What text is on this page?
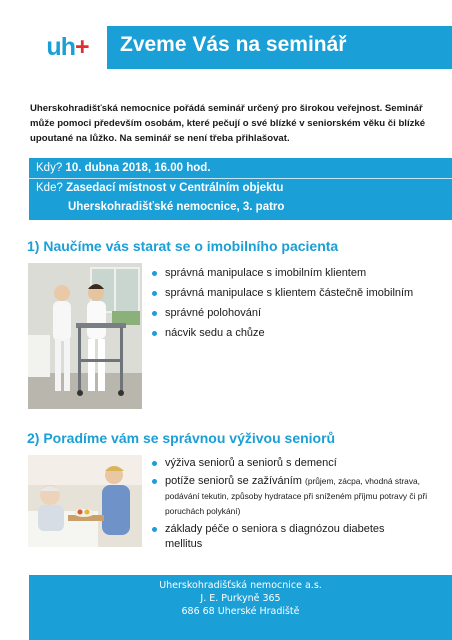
uh + Zveme Vás na seminář
Uherskohradišťská nemocnice pořádá seminář určený pro širokou veřejnost. Seminář může pomoci především osobám, které pečují o své blízké v seniorském věku či blízké upoutané na lůžko. Na seminář se není třeba přihlašovat.
Kdy? 10. dubna 2018, 16.00 hod.
Kde? Zasedací místnost v Centrálním objektu
Uherskohradišťské nemocnice, 3. patro
1) Naučíme vás starat se o imobilního pacienta
správná manipulace s imobilním klientem
správná manipulace s klientem částečně imobilním
správné polohování
nácvik sedu a chůze
2) Poradíme vám se správnou výživou seniorů
výživa seniorů a seniorů s demencí
potíže seniorů se zažíváním (průjem, zácpa, vhodná strava, podávání tekutin, způsoby hydratace při sníženém příjmu potravy či při poruchách polykání)
základy péče o seniora s diagnózou diabetes mellitus
Uherskohradišťská nemocnice a.s.
J. E. Purkyně 365
686 68 Uherské Hradiště
